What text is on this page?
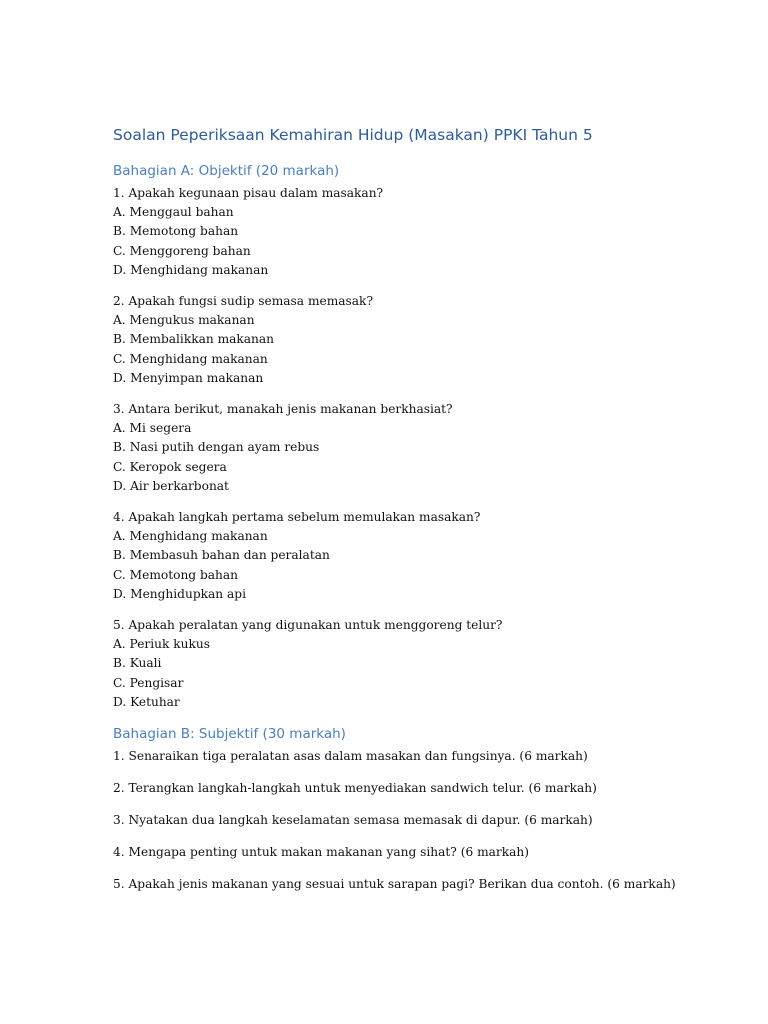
Soalan Peperiksaan Kemahiran Hidup (Masakan) PPKI Tahun 5
Bahagian A: Objektif (20 markah)
1. Apakah kegunaan pisau dalam masakan?
A. Menggaul bahan
B. Memotong bahan
C. Menggoreng bahan
D. Menghidang makanan
2. Apakah fungsi sudip semasa memasak?
A. Mengukus makanan
B. Membalikkan makanan
C. Menghidang makanan
D. Menyimpan makanan
3. Antara berikut, manakah jenis makanan berkhasiat?
A. Mi segera
B. Nasi putih dengan ayam rebus
C. Keropok segera
D. Air berkarbonat
4. Apakah langkah pertama sebelum memulakan masakan?
A. Menghidang makanan
B. Membasuh bahan dan peralatan
C. Memotong bahan
D. Menghidupkan api
5. Apakah peralatan yang digunakan untuk menggoreng telur?
A. Periuk kukus
B. Kuali
C. Pengisar
D. Ketuhar
Bahagian B: Subjektif (30 markah)
1. Senaraikan tiga peralatan asas dalam masakan dan fungsinya. (6 markah)
2. Terangkan langkah-langkah untuk menyediakan sandwich telur. (6 markah)
3. Nyatakan dua langkah keselamatan semasa memasak di dapur. (6 markah)
4. Mengapa penting untuk makan makanan yang sihat? (6 markah)
5. Apakah jenis makanan yang sesuai untuk sarapan pagi? Berikan dua contoh. (6 markah)
